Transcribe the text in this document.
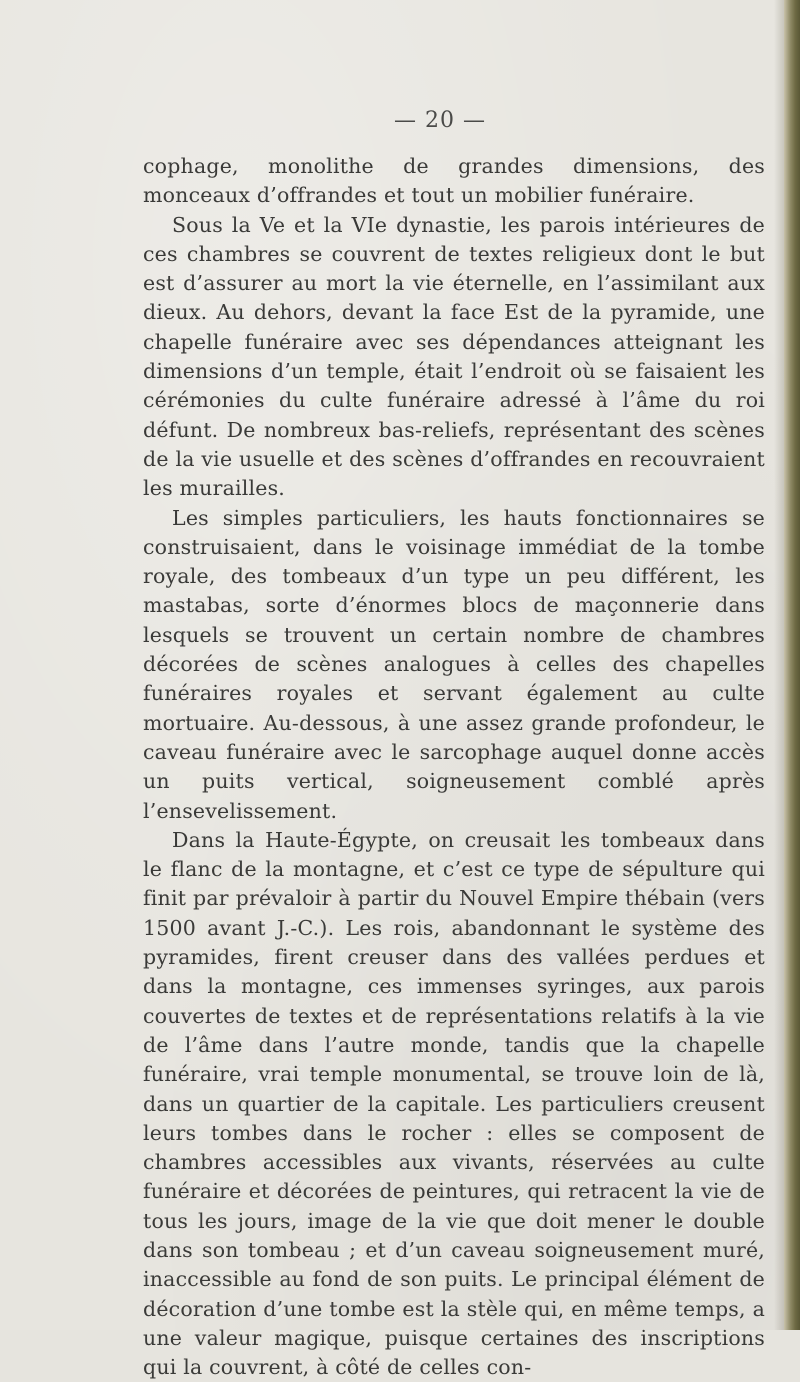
— 20 —

cophage, monolithe de grandes dimensions, des monceaux d’offrandes et tout un mobilier funéraire.

Sous la Ve et la VIe dynastie, les parois intérieures de ces chambres se couvrent de textes religieux dont le but est d’assurer au mort la vie éternelle, en l’assimilant aux dieux. Au dehors, devant la face Est de la pyramide, une chapelle funéraire avec ses dépendances atteignant les dimensions d’un temple, était l’endroit où se faisaient les cérémonies du culte funéraire adressé à l’âme du roi défunt. De nombreux bas-reliefs, représentant des scènes de la vie usuelle et des scènes d’offrandes en recouvraient les murailles.

Les simples particuliers, les hauts fonctionnaires se construisaient, dans le voisinage immédiat de la tombe royale, des tombeaux d’un type un peu différent, les mastabas, sorte d’énormes blocs de maçonnerie dans lesquels se trouvent un certain nombre de chambres décorées de scènes analogues à celles des chapelles funéraires royales et servant également au culte mortuaire. Au-dessous, à une assez grande profondeur, le caveau funéraire avec le sarcophage auquel donne accès un puits vertical, soigneusement comblé après l’ensevelissement.

Dans la Haute-Égypte, on creusait les tombeaux dans le flanc de la montagne, et c’est ce type de sépulture qui finit par prévaloir à partir du Nouvel Empire thébain (vers 1500 avant J.-C.). Les rois, abandonnant le système des pyramides, firent creuser dans des vallées perdues et dans la montagne, ces immenses syringes, aux parois couvertes de textes et de représentations relatifs à la vie de l’âme dans l’autre monde, tandis que la chapelle funéraire, vrai temple monumental, se trouve loin de là, dans un quartier de la capitale. Les particuliers creusent leurs tombes dans le rocher : elles se composent de chambres accessibles aux vivants, réservées au culte funéraire et décorées de peintures, qui retracent la vie de tous les jours, image de la vie que doit mener le double dans son tombeau ; et d’un caveau soigneusement muré, inaccessible au fond de son puits. Le principal élément de décoration d’une tombe est la stèle qui, en même temps, a une valeur magique, puisque certaines des inscriptions qui la couvrent, à côté de celles con-
